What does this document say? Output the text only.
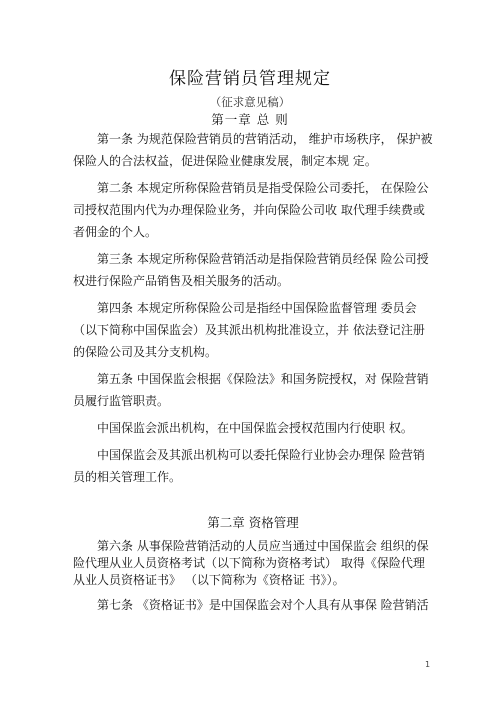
保险营销员管理规定
（征求意见稿）
第一章 总 则

第一条 为规范保险营销员的营销活动， 维护市场秩序， 保护被保险人的合法权益，促进保险业健康发展，制定本规 定。

第二条 本规定所称保险营销员是指受保险公司委托， 在保险公司授权范围内代为办理保险业务，并向保险公司收 取代理手续费或者佣金的个人。

第三条 本规定所称保险营销活动是指保险营销员经保 险公司授权进行保险产品销售及相关服务的活动。

第四条 本规定所称保险公司是指经中国保险监督管理 委员会（以下简称中国保监会）及其派出机构批准设立，并 依法登记注册的保险公司及其分支机构。

第五条 中国保监会根据《保险法》和国务院授权，对 保险营销员履行监管职责。

中国保监会派出机构，在中国保监会授权范围内行使职 权。

中国保监会及其派出机构可以委托保险行业协会办理保 险营销员的相关管理工作。

第二章 资格管理

第六条 从事保险营销活动的人员应当通过中国保监会 组织的保险代理从业人员资格考试（以下简称为资格考试） 取得《保险代理从业人员资格证书》 （以下简称为《资格证 书》）。

第七条 《资格证书》是中国保监会对个人具有从事保 险营销活

1
